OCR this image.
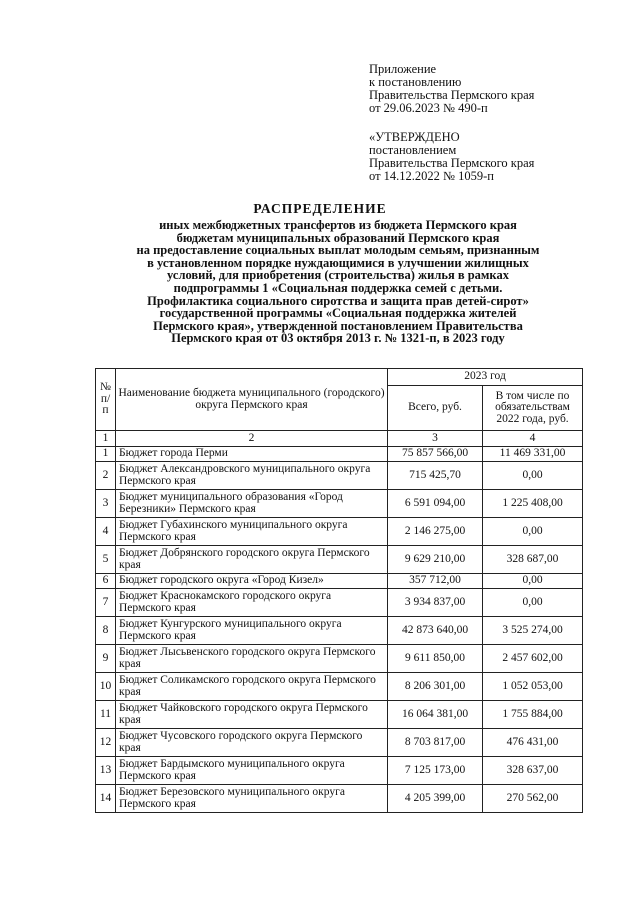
Приложение
к постановлению
Правительства Пермского края
от 29.06.2023 № 490-п
«УТВЕРЖДЕНО
постановлением
Правительства Пермского края
от 14.12.2022 № 1059-п
РАСПРЕДЕЛЕНИЕ
иных межбюджетных трансфертов из бюджета Пермского края
бюджетам муниципальных образований Пермского края
на предоставление социальных выплат молодым семьям, признанным
в установленном порядке нуждающимися в улучшении жилищных
условий, для приобретения (строительства) жилья в рамках
подпрограммы 1 «Социальная поддержка семей с детьми.
Профилактика социального сиротства и защита прав детей-сирот»
государственной программы «Социальная поддержка жителей
Пермского края», утвержденной постановлением Правительства
Пермского края от 03 октября 2013 г. № 1321-п, в 2023 году
№ п/п	Наименование бюджета муниципального (городского) округа Пермского края	2023 год	
		Всего, руб.	В том числе по обязательствам 2022 года, руб.
1	2	3	4
1	Бюджет города Перми	75 857 566,00	11 469 331,00
2	Бюджет Александровского муниципального округа Пермского края	715 425,70	0,00
3	Бюджет муниципального образования «Город Березники» Пермского края	6 591 094,00	1 225 408,00
4	Бюджет Губахинского муниципального округа Пермского края	2 146 275,00	0,00
5	Бюджет Добрянского городского округа Пермского края	9 629 210,00	328 687,00
6	Бюджет городского округа «Город Кизел»	357 712,00	0,00
7	Бюджет Краснокамского городского округа Пермского края	3 934 837,00	0,00
8	Бюджет Кунгурского муниципального округа Пермского края	42 873 640,00	3 525 274,00
9	Бюджет Лысьвенского городского округа Пермского края	9 611 850,00	2 457 602,00
10	Бюджет Соликамского городского округа Пермского края	8 206 301,00	1 052 053,00
11	Бюджет Чайковского городского округа Пермского края	16 064 381,00	1 755 884,00
12	Бюджет Чусовского городского округа Пермского края	8 703 817,00	476 431,00
13	Бюджет Бардымского муниципального округа Пермского края	7 125 173,00	328 637,00
14	Бюджет Березовского муниципального округа Пермского края	4 205 399,00	270 562,00
